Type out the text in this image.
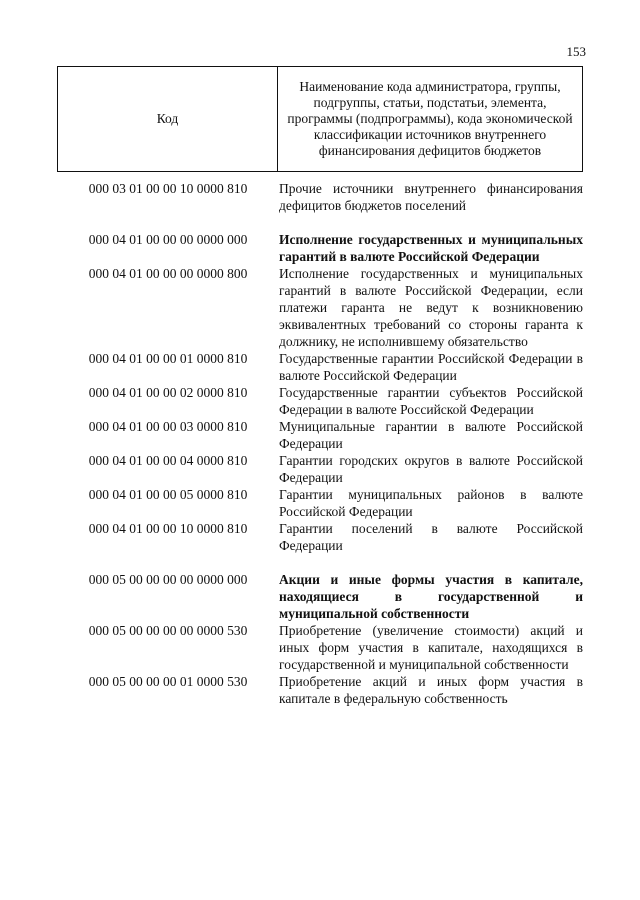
153
Код	Наименование кода администратора, группы, подгруппы, статьи, подстатьи, элемента, программы (подпрограммы), кода экономической классификации источников внутреннего финансирования дефицитов бюджетов
000 03 01 00 00 10 0000 810	Прочие источники внутреннего финансирования дефицитов бюджетов поселений
000 04 01 00 00 00 0000 000	Исполнение государственных и муниципальных гарантий в валюте Российской Федерации
000 04 01 00 00 00 0000 800	Исполнение государственных и муниципальных гарантий в валюте Российской Федерации, если платежи гаранта не ведут к возникновению эквивалентных требований со стороны гаранта к должнику, не исполнившему обязательство
000 04 01 00 00 01 0000 810	Государственные гарантии Российской Федерации в валюте Российской Федерации
000 04 01 00 00 02 0000 810	Государственные гарантии субъектов Российской Федерации в валюте Российской Федерации
000 04 01 00 00 03 0000 810	Муниципальные гарантии в валюте Российской Федерации
000 04 01 00 00 04 0000 810	Гарантии городских округов в валюте Российской Федерации
000 04 01 00 00 05 0000 810	Гарантии муниципальных районов в валюте Российской Федерации
000 04 01 00 00 10 0000 810	Гарантии поселений в валюте Российской Федерации
000 05 00 00 00 00 0000 000	Акции и иные формы участия в капитале, находящиеся в государственной и муниципальной собственности
000 05 00 00 00 00 0000 530	Приобретение (увеличение стоимости) акций и иных форм участия в капитале, находящихся в государственной и муниципальной собственности
000 05 00 00 00 01 0000 530	Приобретение акций и иных форм участия в капитале в федеральную собственность
